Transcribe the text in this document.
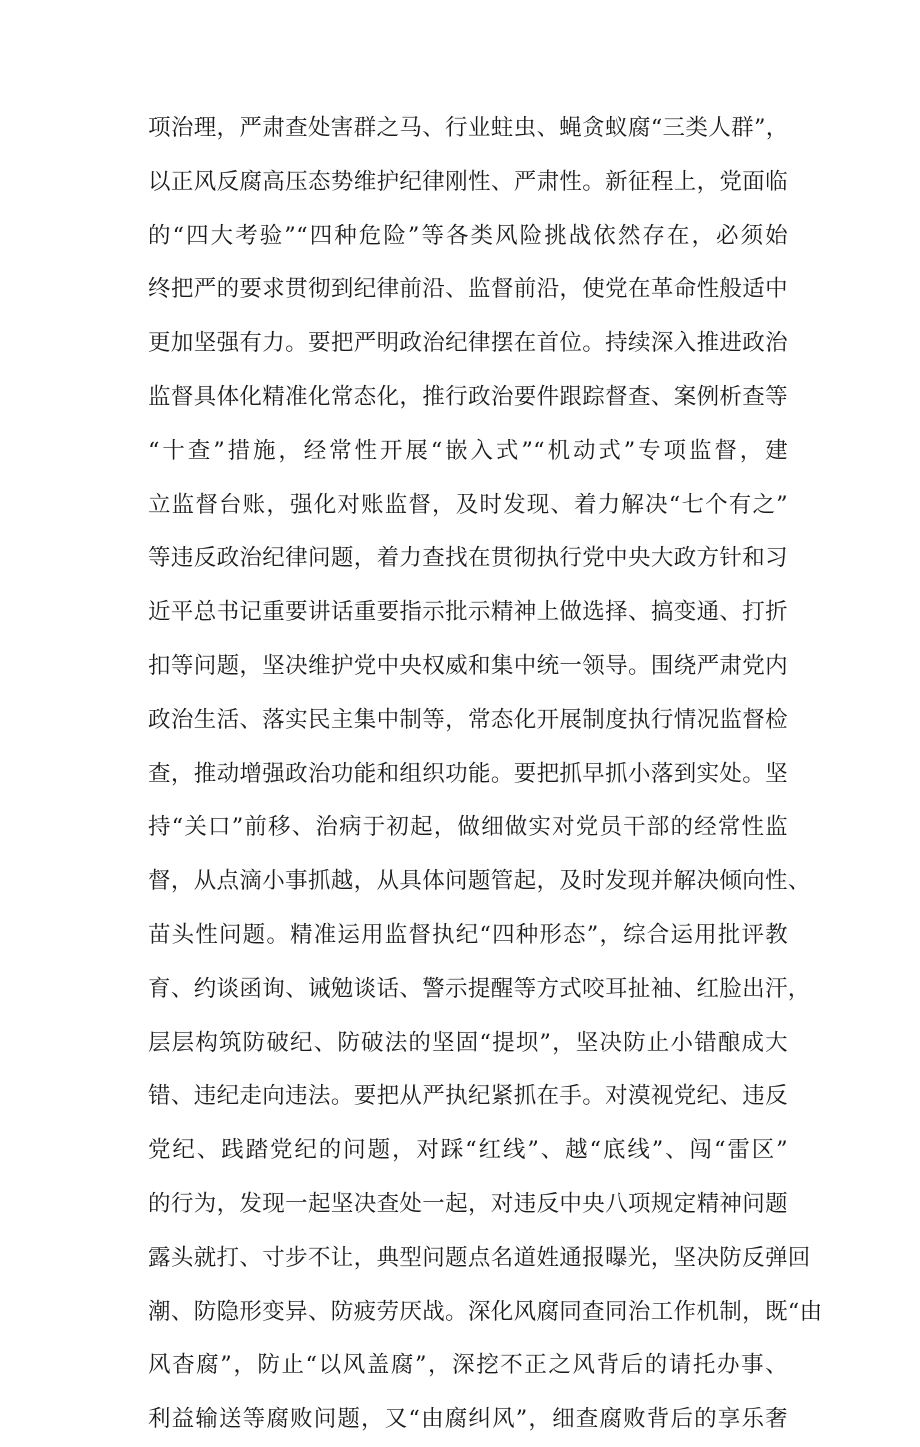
项治理，严肃查处害群之马、行业蛀虫、蝇贪蚁腐“三类人群”，
以正风反腐高压态势维护纪律刚性、严肃性。新征程上，党面临
的“四大考验”“四种危险”等各类风险挑战依然存在，必须始
终把严的要求贯彻到纪律前沿、监督前沿，使党在革命性般适中
更加坚强有力。要把严明政治纪律摆在首位。持续深入推进政治
监督具体化精准化常态化，推行政治要件跟踪督查、案例析查等
“十查”措施，经常性开展“嵌入式”“机动式”专项监督，建
立监督台账，强化对账监督，及时发现、着力解决“七个有之”
等违反政治纪律问题，着力查找在贯彻执行党中央大政方针和习
近平总书记重要讲话重要指示批示精神上做选择、搞变通、打折
扣等问题，坚决维护党中央权威和集中统一领导。围绕严肃党内
政治生活、落实民主集中制等，常态化开展制度执行情况监督检
查，推动增强政治功能和组织功能。要把抓早抓小落到实处。坚
持“关口”前移、治病于初起，做细做实对党员干部的经常性监
督，从点滴小事抓越，从具体问题管起，及时发现并解决倾向性、
苗头性问题。精准运用监督执纪“四种形态”，综合运用批评教
育、约谈函询、诫勉谈话、警示提醒等方式咬耳扯袖、红脸出汗，
层层构筑防破纪、防破法的坚固“提坝”，坚决防止小错酿成大
错、违纪走向违法。要把从严执纪紧抓在手。对漠视党纪、违反
党纪、践踏党纪的问题，对踩“红线”、越“底线”、闯“雷区”
的行为，发现一起坚决查处一起，对违反中央八项规定精神问题
露头就打、寸步不让，典型问题点名道姓通报曝光，坚决防反弹回
潮、防隐形变异、防疲劳厌战。深化风腐同查同治工作机制，既“由
风杳腐”，防止“以风盖腐”，深挖不正之风背后的请托办事、
利益输送等腐败问题，又“由腐纠风”，细查腐败背后的享乐奢
